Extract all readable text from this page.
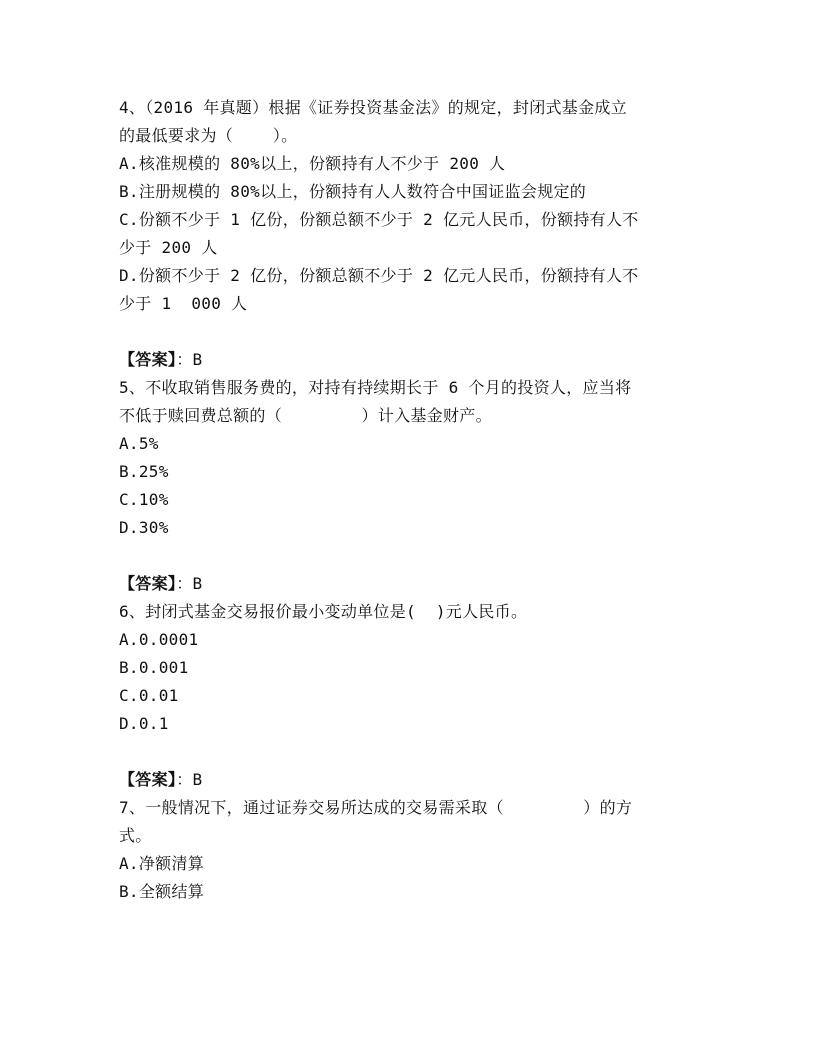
4、（2016 年真题）根据《证券投资基金法》的规定，封闭式基金成立
的最低要求为（    ）。
A.核准规模的 80%以上，份额持有人不少于 200 人
B.注册规模的 80%以上，份额持有人人数符合中国证监会规定的
C.份额不少于 1 亿份，份额总额不少于 2 亿元人民币，份额持有人不
少于 200 人
D.份额不少于 2 亿份，份额总额不少于 2 亿元人民币，份额持有人不
少于 1  000 人
【答案】：B
5、不收取销售服务费的，对持有持续期长于 6 个月的投资人，应当将
不低于赎回费总额的（        ）计入基金财产。
A.5%
B.25%
C.10%
D.30%
【答案】：B
6、封闭式基金交易报价最小变动单位是(  )元人民币。
A.0.0001
B.0.001
C.0.01
D.0.1
【答案】：B
7、一般情况下，通过证券交易所达成的交易需采取（        ）的方
式。
A.净额清算
B.全额结算
